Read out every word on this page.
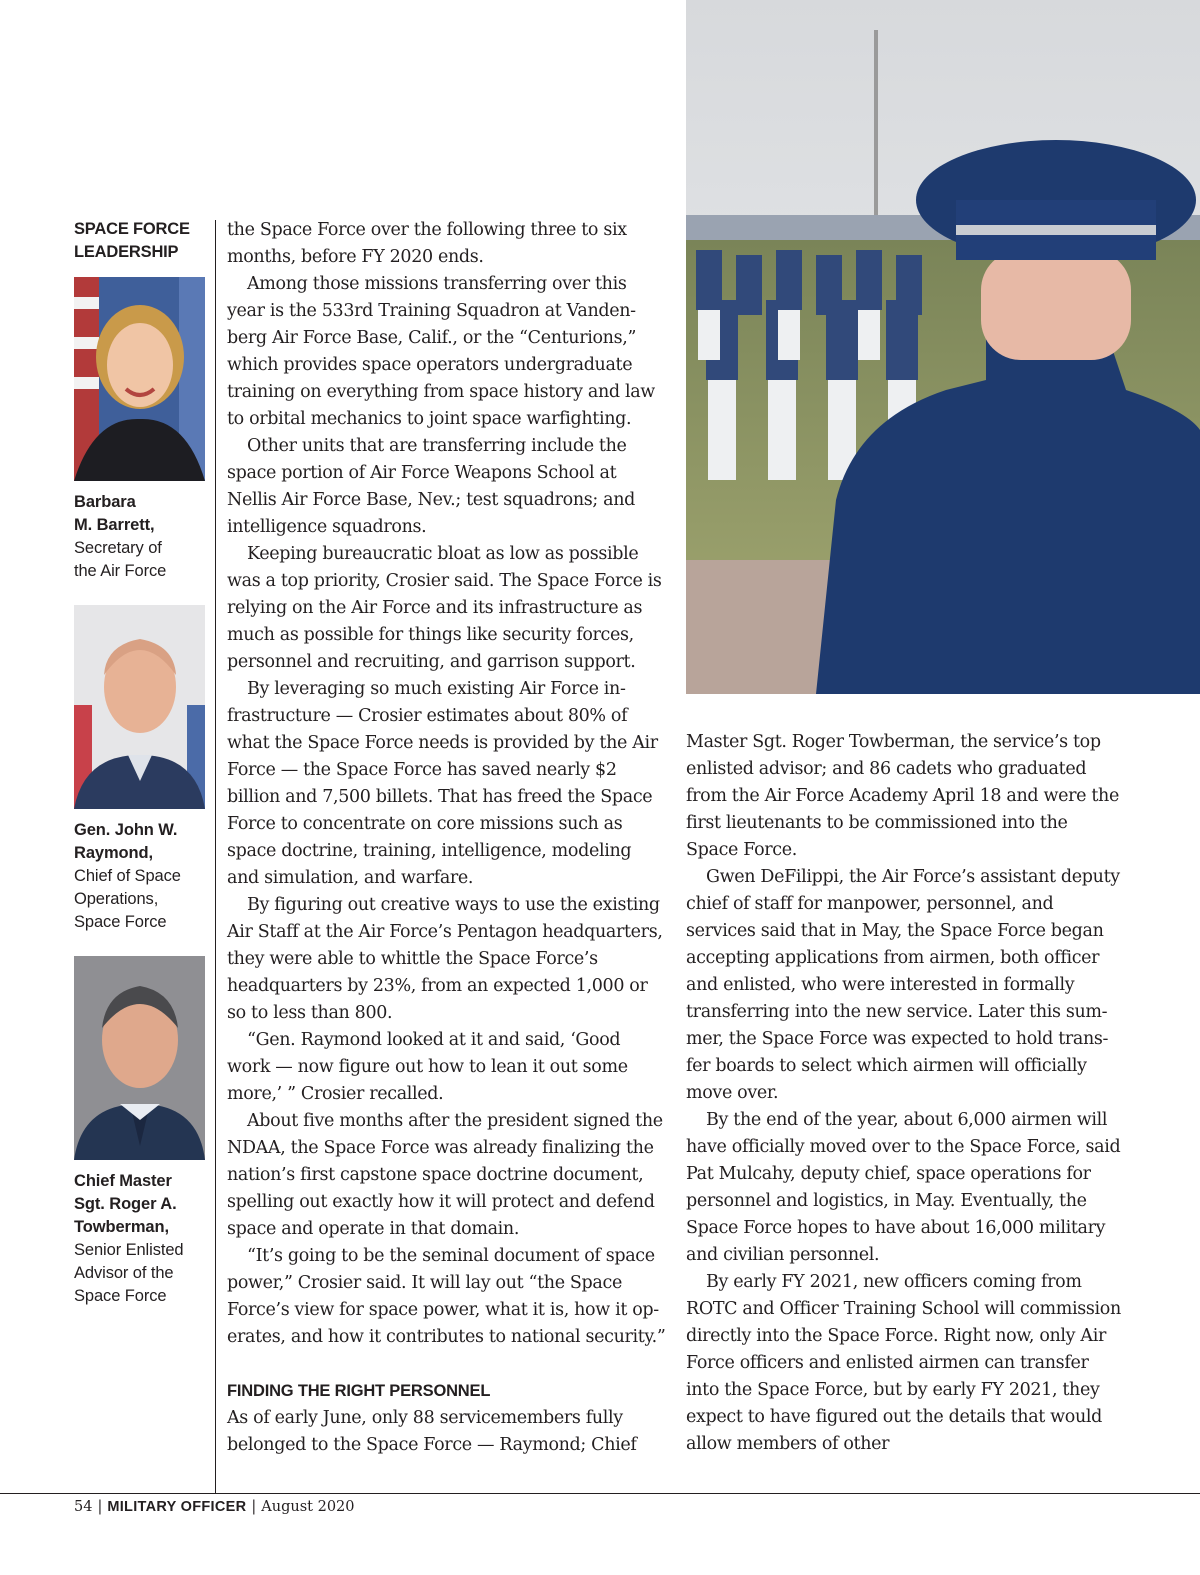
SPACE FORCE
LEADERSHIP
Barbara
M. Barrett,
Secretary of
the Air Force
Gen. John W.
Raymond,
Chief of Space
Operations,
Space Force
Chief Master
Sgt. Roger A.
Towberman,
Senior Enlisted
Advisor of the
Space Force

the Space Force over the following three to six months, before FY 2020 ends.

Among those missions transferring over this year is the 533rd Training Squadron at Vandenberg Air Force Base, Calif., or the “Centurions,” which provides space operators undergraduate training on everything from space history and law to orbital mechanics to joint space warfighting.

Other units that are transferring include the space portion of Air Force Weapons School at Nellis Air Force Base, Nev.; test squadrons; and intelligence squadrons.

Keeping bureaucratic bloat as low as possible was a top priority, Crosier said. The Space Force is relying on the Air Force and its infrastructure as much as possible for things like security forces, personnel and recruiting, and garrison support.

By leveraging so much existing Air Force infrastructure — Crosier estimates about 80% of what the Space Force needs is provided by the Air Force — the Space Force has saved nearly $2 billion and 7,500 billets. That has freed the Space Force to concentrate on core missions such as space doctrine, training, intelligence, modeling and simulation, and warfare.

By figuring out creative ways to use the existing Air Staff at the Air Force’s Pentagon headquarters, they were able to whittle the Space Force’s headquarters by 23%, from an expected 1,000 or so to less than 800.

“Gen. Raymond looked at it and said, ‘Good work — now figure out how to lean it out some more,’ ” Crosier recalled.

About five months after the president signed the NDAA, the Space Force was already finalizing the nation’s first capstone space doctrine document, spelling out exactly how it will protect and defend space and operate in that domain.

“It’s going to be the seminal document of space power,” Crosier said. It will lay out “the Space Force’s view for space power, what it is, how it operates, and how it contributes to national security.”

FINDING THE RIGHT PERSONNEL

As of early June, only 88 servicemembers fully belonged to the Space Force — Raymond; Chief

Master Sgt. Roger Towberman, the service’s top enlisted advisor; and 86 cadets who graduated from the Air Force Academy April 18 and were the first lieutenants to be commissioned into the Space Force.

Gwen DeFilippi, the Air Force’s assistant deputy chief of staff for manpower, personnel, and services said that in May, the Space Force began accepting applications from airmen, both officer and enlisted, who were interested in formally transferring into the new service. Later this summer, the Space Force was expected to hold transfer boards to select which airmen will officially move over.

By the end of the year, about 6,000 airmen will have officially moved over to the Space Force, said Pat Mulcahy, deputy chief, space operations for personnel and logistics, in May. Eventually, the Space Force hopes to have about 16,000 military and civilian personnel.

By early FY 2021, new officers coming from ROTC and Officer Training School will commission directly into the Space Force. Right now, only Air Force officers and enlisted airmen can transfer into the Space Force, but by early FY 2021, they expect to have figured out the details that would allow members of other

54 | MILITARY OFFICER | August 2020
